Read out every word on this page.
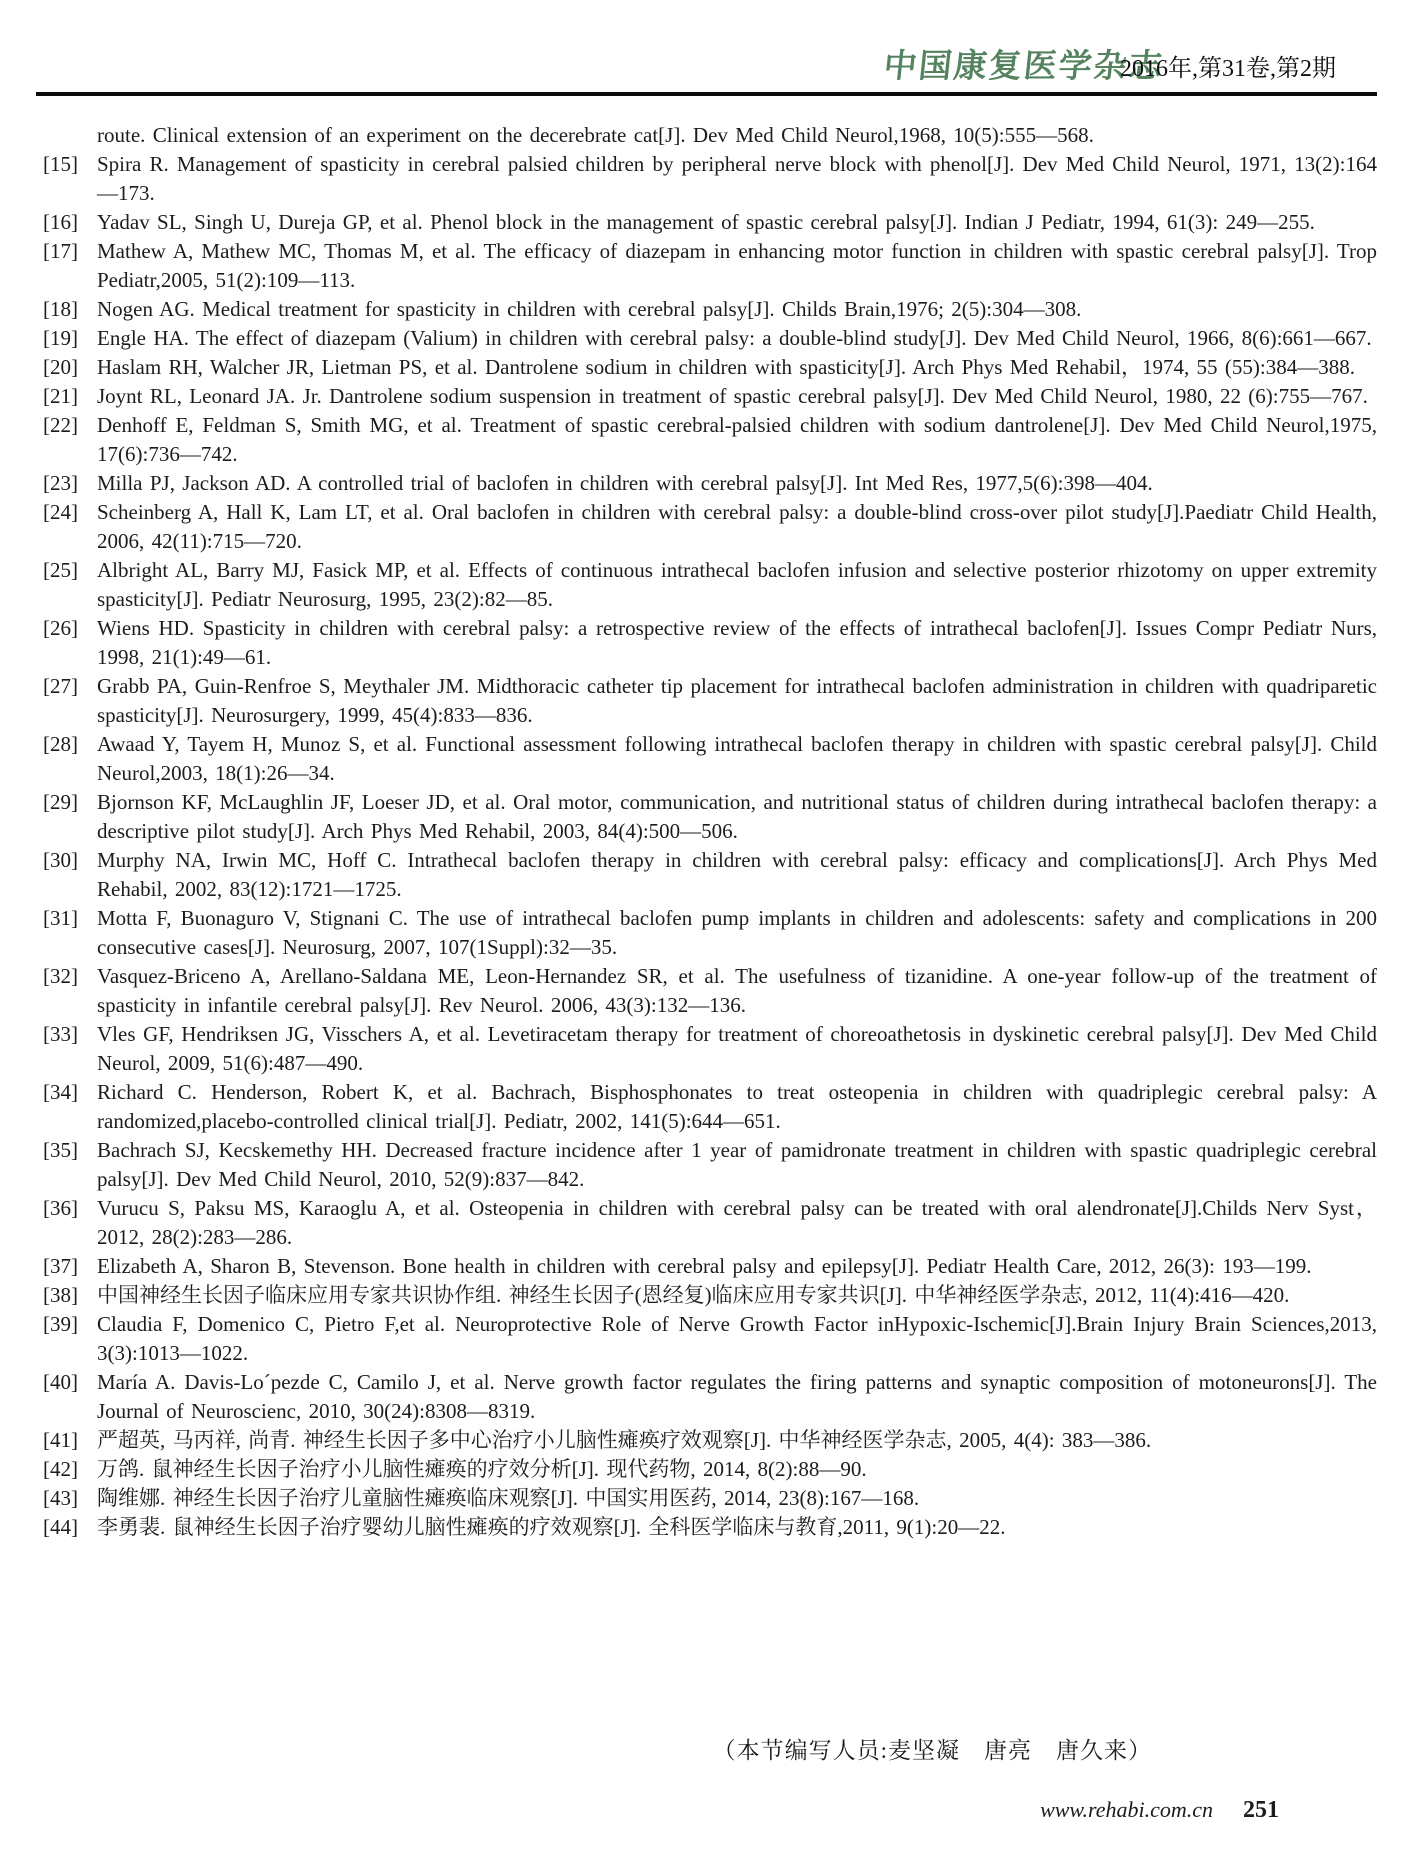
中国康复医学杂志
2016年,第31卷,第2期
route. Clinical extension of an experiment on the decerebrate cat[J]. Dev Med Child Neurol,1968, 10(5):555—568.
[15] Spira R. Management of spasticity in cerebral palsied children by peripheral nerve block with phenol[J]. Dev Med Child Neurol, 1971, 13(2):164—173.
[16] Yadav SL, Singh U, Dureja GP, et al. Phenol block in the management of spastic cerebral palsy[J]. Indian J Pediatr, 1994, 61(3): 249—255.
[17] Mathew A, Mathew MC, Thomas M, et al. The efficacy of diazepam in enhancing motor function in children with spastic cerebral palsy[J]. Trop Pediatr,2005, 51(2):109—113.
[18] Nogen AG. Medical treatment for spasticity in children with cerebral palsy[J]. Childs Brain,1976; 2(5):304—308.
[19] Engle HA. The effect of diazepam (Valium) in children with cerebral palsy: a double-blind study[J]. Dev Med Child Neurol, 1966, 8(6):661—667.
[20] Haslam RH, Walcher JR, Lietman PS, et al. Dantrolene sodium in children with spasticity[J]. Arch Phys Med Rehabil，1974, 55 (55):384—388.
[21] Joynt RL, Leonard JA. Jr. Dantrolene sodium suspension in treatment of spastic cerebral palsy[J]. Dev Med Child Neurol, 1980, 22 (6):755—767.
[22] Denhoff E, Feldman S, Smith MG, et al. Treatment of spastic cerebral-palsied children with sodium dantrolene[J]. Dev Med Child Neurol,1975, 17(6):736—742.
[23] Milla PJ, Jackson AD. A controlled trial of baclofen in children with cerebral palsy[J]. Int Med Res, 1977,5(6):398—404.
[24] Scheinberg A, Hall K, Lam LT, et al. Oral baclofen in children with cerebral palsy: a double-blind cross-over pilot study[J].Paediatr Child Health, 2006, 42(11):715—720.
[25] Albright AL, Barry MJ, Fasick MP, et al. Effects of continuous intrathecal baclofen infusion and selective posterior rhizotomy on upper extremity spasticity[J]. Pediatr Neurosurg, 1995, 23(2):82—85.
[26] Wiens HD. Spasticity in children with cerebral palsy: a retrospective review of the effects of intrathecal baclofen[J]. Issues Compr Pediatr Nurs, 1998, 21(1):49—61.
[27] Grabb PA, Guin-Renfroe S, Meythaler JM. Midthoracic catheter tip placement for intrathecal baclofen administration in children with quadriparetic spasticity[J]. Neurosurgery, 1999, 45(4):833—836.
[28] Awaad Y, Tayem H, Munoz S, et al. Functional assessment following intrathecal baclofen therapy in children with spastic cerebral palsy[J]. Child Neurol,2003, 18(1):26—34.
[29] Bjornson KF, McLaughlin JF, Loeser JD, et al. Oral motor, communication, and nutritional status of children during intrathecal baclofen therapy: a descriptive pilot study[J]. Arch Phys Med Rehabil, 2003, 84(4):500—506.
[30] Murphy NA, Irwin MC, Hoff C. Intrathecal baclofen therapy in children with cerebral palsy: efficacy and complications[J]. Arch Phys Med Rehabil, 2002, 83(12):1721—1725.
[31] Motta F, Buonaguro V, Stignani C. The use of intrathecal baclofen pump implants in children and adolescents: safety and complications in 200 consecutive cases[J]. Neurosurg, 2007, 107(1Suppl):32—35.
[32] Vasquez-Briceno A, Arellano-Saldana ME, Leon-Hernandez SR, et al. The usefulness of tizanidine. A one-year follow-up of the treatment of spasticity in infantile cerebral palsy[J]. Rev Neurol. 2006, 43(3):132—136.
[33] Vles GF, Hendriksen JG, Visschers A, et al. Levetiracetam therapy for treatment of choreoathetosis in dyskinetic cerebral palsy[J]. Dev Med Child Neurol, 2009, 51(6):487—490.
[34] Richard C. Henderson, Robert K, et al. Bachrach, Bisphosphonates to treat osteopenia in children with quadriplegic cerebral palsy: A randomized,placebo-controlled clinical trial[J]. Pediatr, 2002, 141(5):644—651.
[35] Bachrach SJ, Kecskemethy HH. Decreased fracture incidence after 1 year of pamidronate treatment in children with spastic quadriplegic cerebral palsy[J]. Dev Med Child Neurol, 2010, 52(9):837—842.
[36] Vurucu S, Paksu MS, Karaoglu A, et al. Osteopenia in children with cerebral palsy can be treated with oral alendronate[J].Childs Nerv Syst，2012, 28(2):283—286.
[37] Elizabeth A, Sharon B, Stevenson. Bone health in children with cerebral palsy and epilepsy[J]. Pediatr Health Care, 2012, 26(3): 193—199.
[38] 中国神经生长因子临床应用专家共识协作组. 神经生长因子(恩经复)临床应用专家共识[J]. 中华神经医学杂志, 2012, 11(4):416—420.
[39] Claudia F, Domenico C, Pietro F,et al. Neuroprotective Role of Nerve Growth Factor inHypoxic-Ischemic[J].Brain Injury Brain Sciences,2013, 3(3):1013—1022.
[40] María A. Davis-Lo´pezde C, Camilo J, et al. Nerve growth factor regulates the firing patterns and synaptic composition of motoneurons[J]. The Journal of Neuroscienc, 2010, 30(24):8308—8319.
[41] 严超英, 马丙祥, 尚青. 神经生长因子多中心治疗小儿脑性瘫痪疗效观察[J]. 中华神经医学杂志, 2005, 4(4): 383—386.
[42] 万鸽. 鼠神经生长因子治疗小儿脑性瘫痪的疗效分析[J]. 现代药物, 2014, 8(2):88—90.
[43] 陶维娜. 神经生长因子治疗儿童脑性瘫痪临床观察[J]. 中国实用医药, 2014, 23(8):167—168.
[44] 李勇裴. 鼠神经生长因子治疗婴幼儿脑性瘫痪的疗效观察[J]. 全科医学临床与教育,2011, 9(1):20—22.
（本节编写人员:麦坚凝　唐亮　唐久来）
www.rehabi.com.cn 251
